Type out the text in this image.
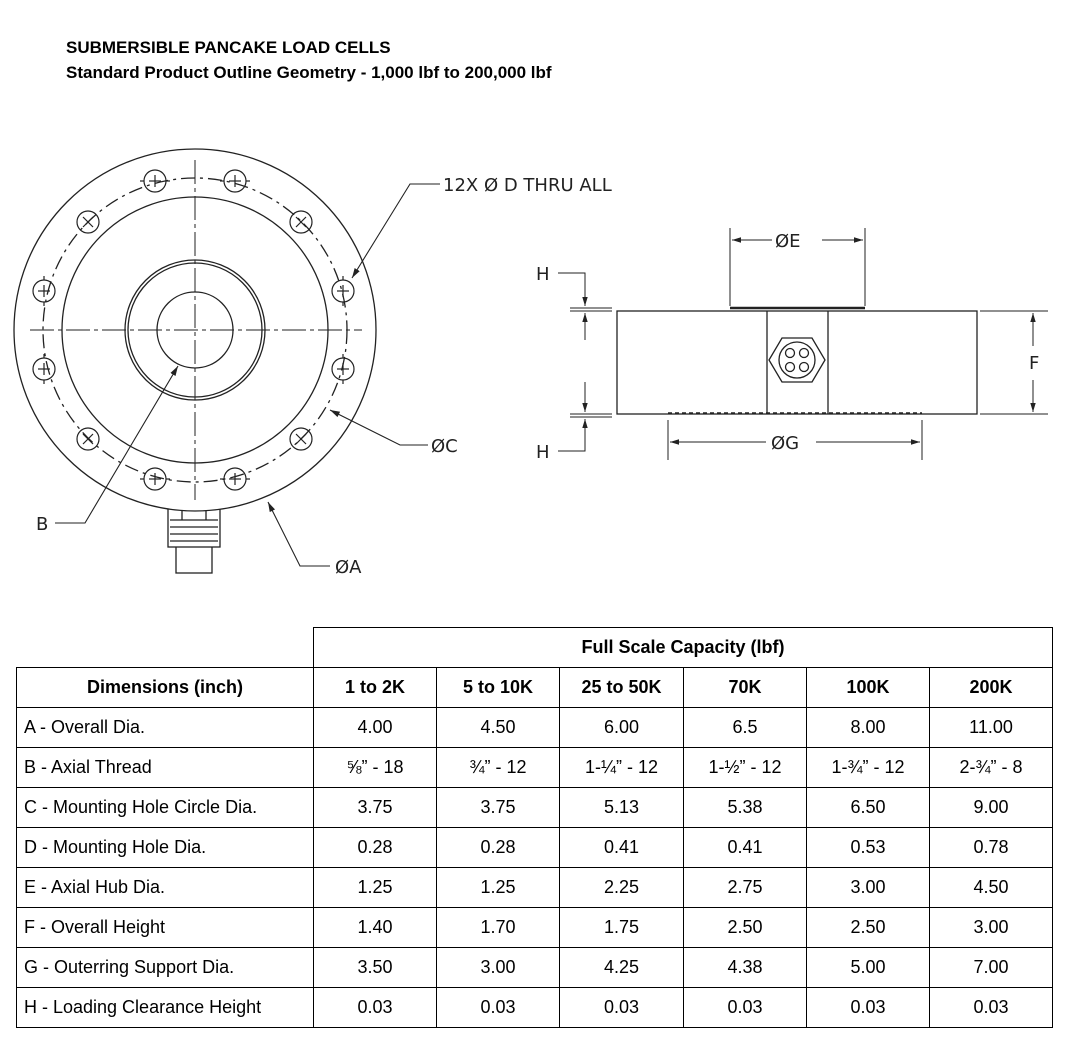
SUBMERSIBLE PANCAKE LOAD CELLS
Standard Product Outline Geometry - 1,000 lbf to 200,000 lbf
12X Ø D THRU ALL
B
ØC
ØA
ØE
F
ØG
H
H
	Full Scale Capacity (lbf)					
Dimensions (inch)	1 to 2K	5 to 10K	25 to 50K	70K	100K	200K
A - Overall Dia.	4.00	4.50	6.00	6.5	8.00	11.00
B - Axial Thread	⅝” - 18	¾” - 12	1-¼” - 12	1-½” - 12	1-¾” - 12	2-¾” - 8
C - Mounting Hole Circle Dia.	3.75	3.75	5.13	5.38	6.50	9.00
D - Mounting Hole Dia.	0.28	0.28	0.41	0.41	0.53	0.78
E - Axial Hub Dia.	1.25	1.25	2.25	2.75	3.00	4.50
F - Overall Height	1.40	1.70	1.75	2.50	2.50	3.00
G - Outerring Support Dia.	3.50	3.00	4.25	4.38	5.00	7.00
H - Loading Clearance Height	0.03	0.03	0.03	0.03	0.03	0.03
